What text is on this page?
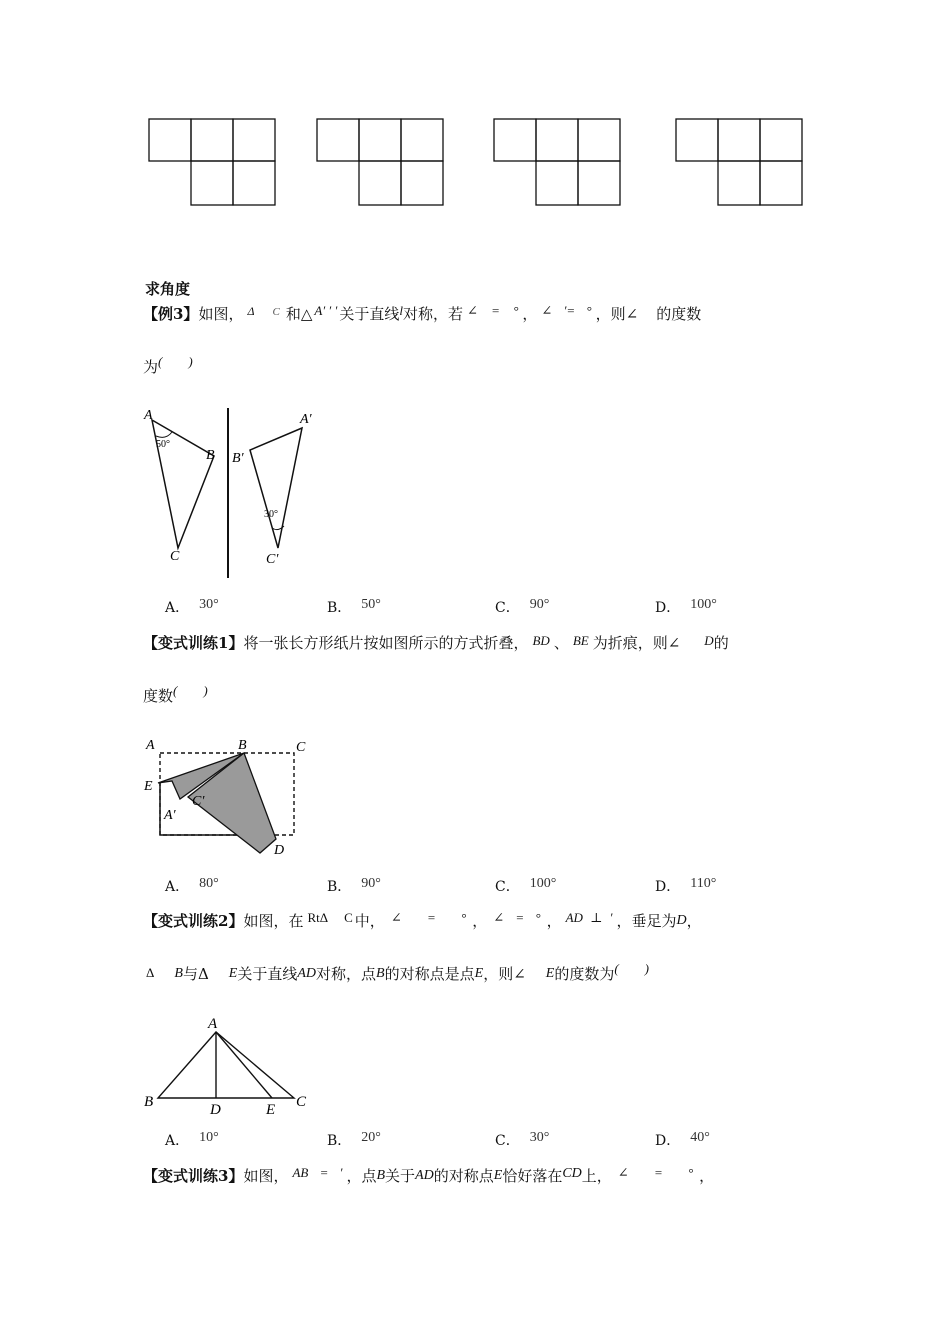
求角度
【例3】如图， $^\Delta$ $^C$ 和△ A′ ′ ′ 关于直线l对称，若 ∠ = ° ， ∠ ′= ° ，则∠ 的度数
为(        )
A
B
C
A′
B′
C′
50°
30°
A． 30°	B． 50°	C． 90°	D． 100°
【变式训练1】将一张长方形纸片按如图所示的方式折叠， BD 、 BE 为折痕，则∠ D的
度数(        )
A	B	C
E
C′
A′
D
A． 80°	B． 90°	C． 100°	D． 110°
【变式训练2】如图，在 RtΔ C 中， ∠ = ° ， ∠ = ° ， AD ⊥ ′ ，垂足为D，
Δ B与Δ E关于直线AD对称，点B的对称点是点E，则∠ E的度数为(        )
A
B	D	E C
A． 10°	B． 20°	C． 30°	D． 40°
【变式训练3】如图， AB = ′ ，点B关于AD的对称点E恰好落在CD上， ∠ = ° ，
